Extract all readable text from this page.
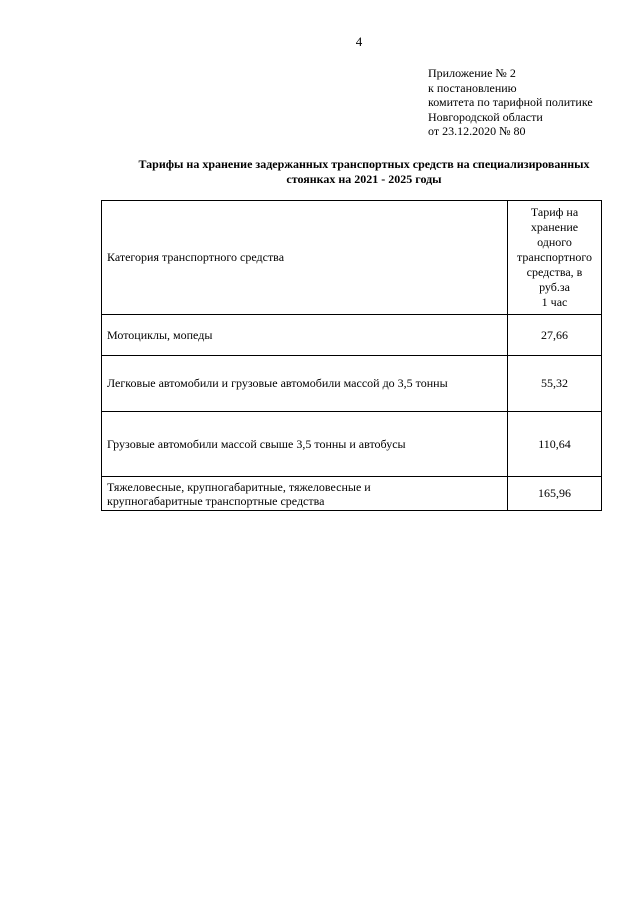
4
Приложение № 2
к постановлению
комитета по тарифной политике
Новгородской области
от 23.12.2020 № 80
Тарифы на хранение задержанных транспортных средств на специализированных
стоянках на 2021 - 2025 годы
Категория транспортного средства	Тариф на
хранение одного
транспортного
средства, в руб.за
1 час

Мотоциклы, мопеды	27,66
Легковые автомобили и грузовые автомобили массой до 3,5 тонны	55,32
Грузовые автомобили массой свыше 3,5 тонны и автобусы	110,64

Тяжеловесные, крупногабаритные, тяжеловесные и
крупногабаритные транспортные средства	165,96
